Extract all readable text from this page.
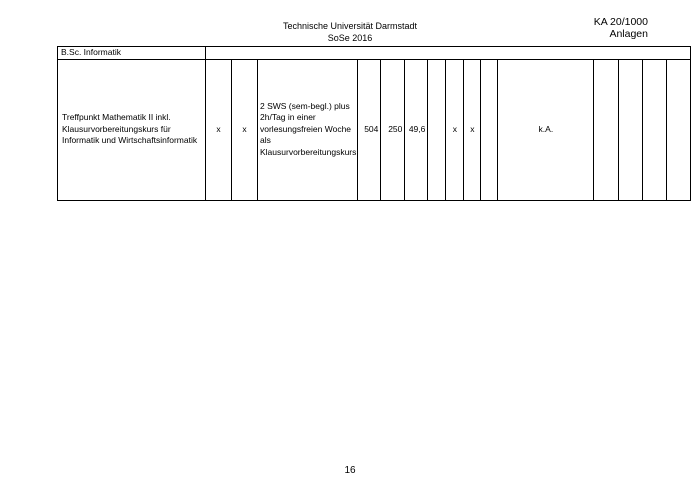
Technische Universität Darmstadt
SoSe 2016
KA 20/1000
Anlagen
B.Sc. Informatik															
Treffpunkt Mathematik II inkl. Klausurvorbereitungskurs für Informatik und Wirtschaftsinformatik	x	x	2 SWS (sem-begl.) plus 2h/Tag in einer vorlesungsfreien Woche als Klausurvorbereitungskurs	504	250	49,6		x	x		k.A.				
16
